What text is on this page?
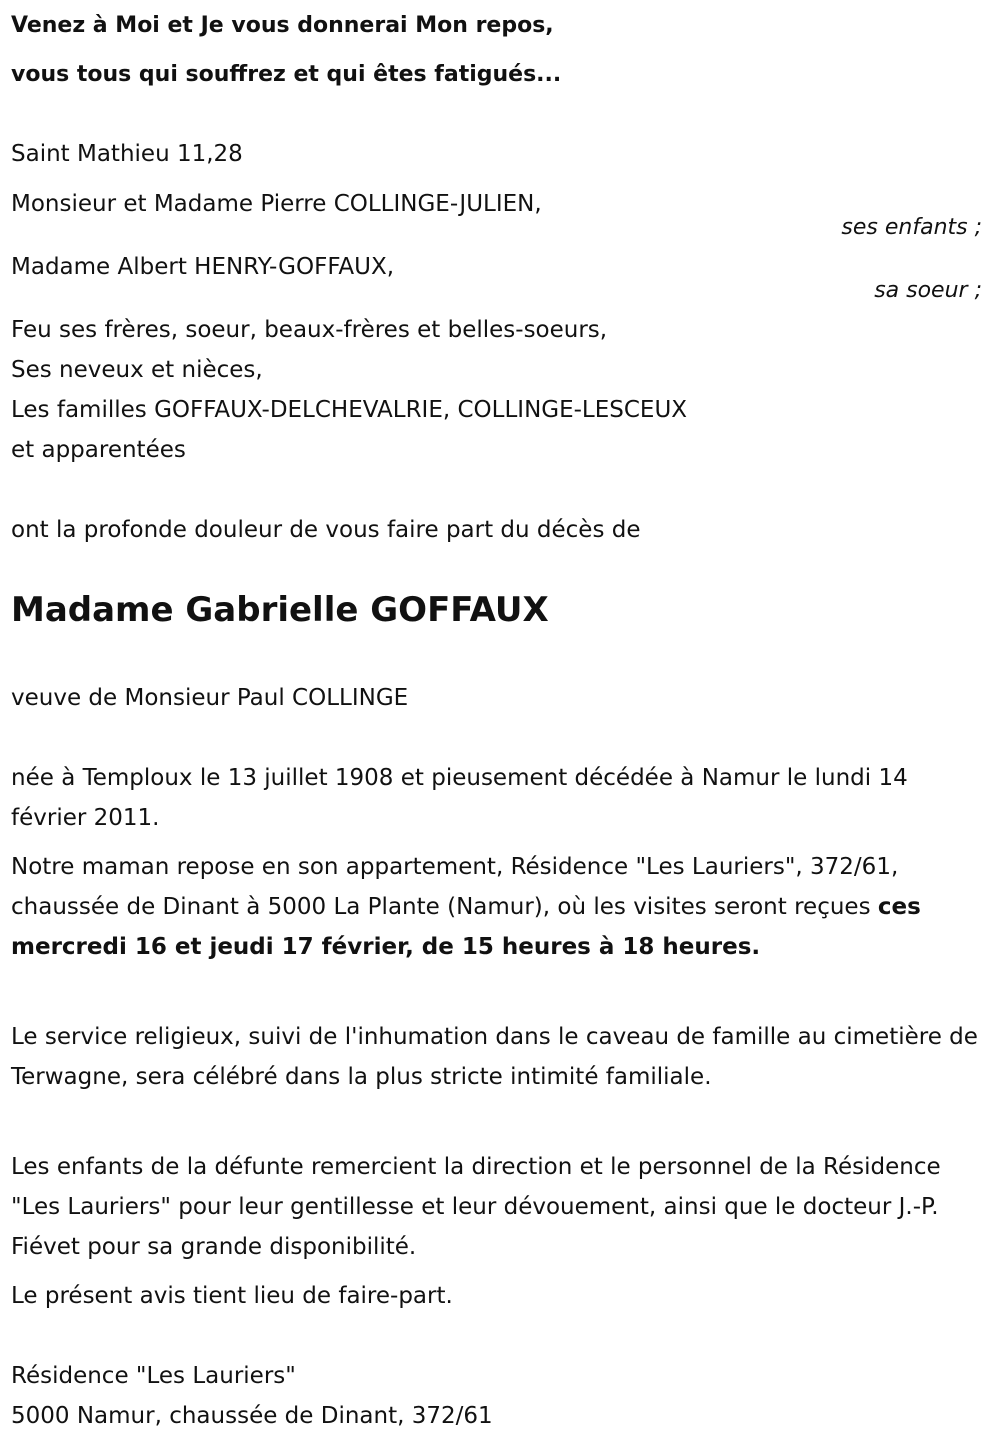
Venez à Moi et Je vous donnerai Mon repos,
vous tous qui souffrez et qui êtes fatigués...
Saint Mathieu 11,28
Monsieur et Madame Pierre COLLINGE-JULIEN,
ses enfants ;
Madame Albert HENRY-GOFFAUX,
sa soeur ;
Feu ses frères, soeur, beaux-frères et belles-soeurs,
Ses neveux et nièces,
Les familles GOFFAUX-DELCHEVALRIE, COLLINGE-LESCEUX
et apparentées
ont la profonde douleur de vous faire part du décès de
Madame Gabrielle GOFFAUX
veuve de Monsieur Paul COLLINGE
née à Temploux le 13 juillet 1908 et pieusement décédée à Namur le lundi 14 février 2011.
Notre maman repose en son appartement, Résidence "Les Lauriers", 372/61, chaussée de Dinant à 5000 La Plante (Namur), où les visites seront reçues ces mercredi 16 et jeudi 17 février, de 15 heures à 18 heures.
Le service religieux, suivi de l'inhumation dans le caveau de famille au cimetière de Terwagne, sera célébré dans la plus stricte intimité familiale.
Les enfants de la défunte remercient la direction et le personnel de la Résidence "Les Lauriers" pour leur gentillesse et leur dévouement, ainsi que le docteur J.-P. Fiévet pour sa grande disponibilité.
Le présent avis tient lieu de faire-part.
Résidence "Les Lauriers"
5000 Namur, chaussée de Dinant, 372/61
